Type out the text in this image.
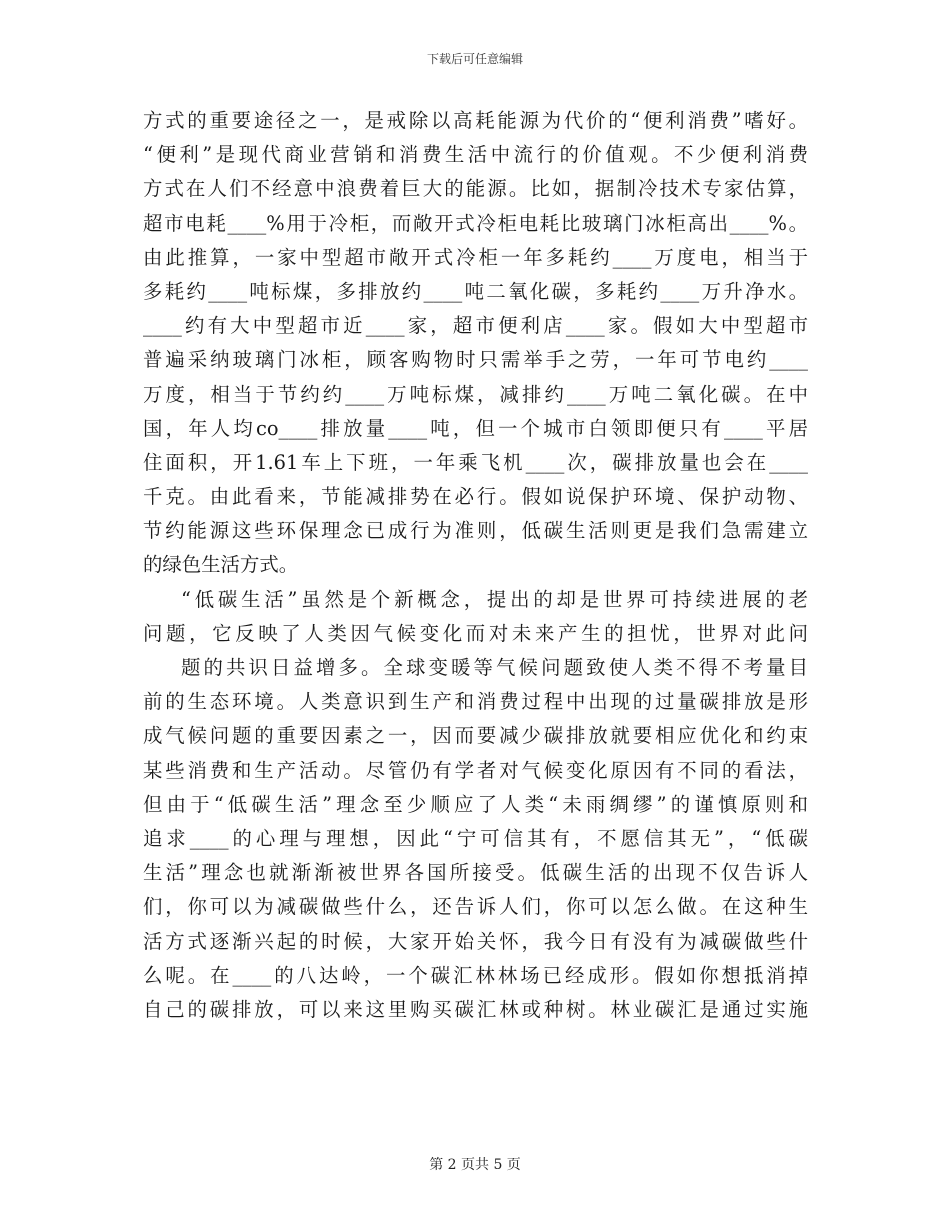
下载后可任意编辑
方式的重要途径之一，是戒除以高耗能源为代价的“便利消费”嗜好。
“便利”是现代商业营销和消费生活中流行的价值观。不少便利消费
方式在人们不经意中浪费着巨大的能源。比如，据制冷技术专家估算，
超市电耗____%用于冷柜，而敞开式冷柜电耗比玻璃门冰柜高出____%。
由此推算，一家中型超市敞开式冷柜一年多耗约____万度电，相当于
多耗约____吨标煤，多排放约____吨二氧化碳，多耗约____万升净水。
____约有大中型超市近____家，超市便利店____家。假如大中型超市
普遍采纳玻璃门冰柜，顾客购物时只需举手之劳，一年可节电约____
万度，相当于节约约____万吨标煤，减排约____万吨二氧化碳。在中
国，年人均co____排放量____吨，但一个城市白领即便只有____平居
住面积，开1.61车上下班，一年乘飞机____次，碳排放量也会在____
千克。由此看来，节能减排势在必行。假如说保护环境、保护动物、
节约能源这些环保理念已成行为准则，低碳生活则更是我们急需建立
的绿色生活方式。
“低碳生活”虽然是个新概念，提出的却是世界可持续进展的老
问题，它反映了人类因气候变化而对未来产生的担忧，世界对此问
题的共识日益增多。全球变暖等气候问题致使人类不得不考量目
前的生态环境。人类意识到生产和消费过程中出现的过量碳排放是形
成气候问题的重要因素之一，因而要减少碳排放就要相应优化和约束
某些消费和生产活动。尽管仍有学者对气候变化原因有不同的看法，
但由于“低碳生活”理念至少顺应了人类“未雨绸缪”的谨慎原则和
追求____的心理与理想，因此“宁可信其有，不愿信其无”，“低碳
生活”理念也就渐渐被世界各国所接受。低碳生活的出现不仅告诉人
们，你可以为减碳做些什么，还告诉人们，你可以怎么做。在这种生
活方式逐渐兴起的时候，大家开始关怀，我今日有没有为减碳做些什
么呢。在____的八达岭，一个碳汇林林场已经成形。假如你想抵消掉
自己的碳排放，可以来这里购买碳汇林或种树。林业碳汇是通过实施
第 2 页共 5 页
